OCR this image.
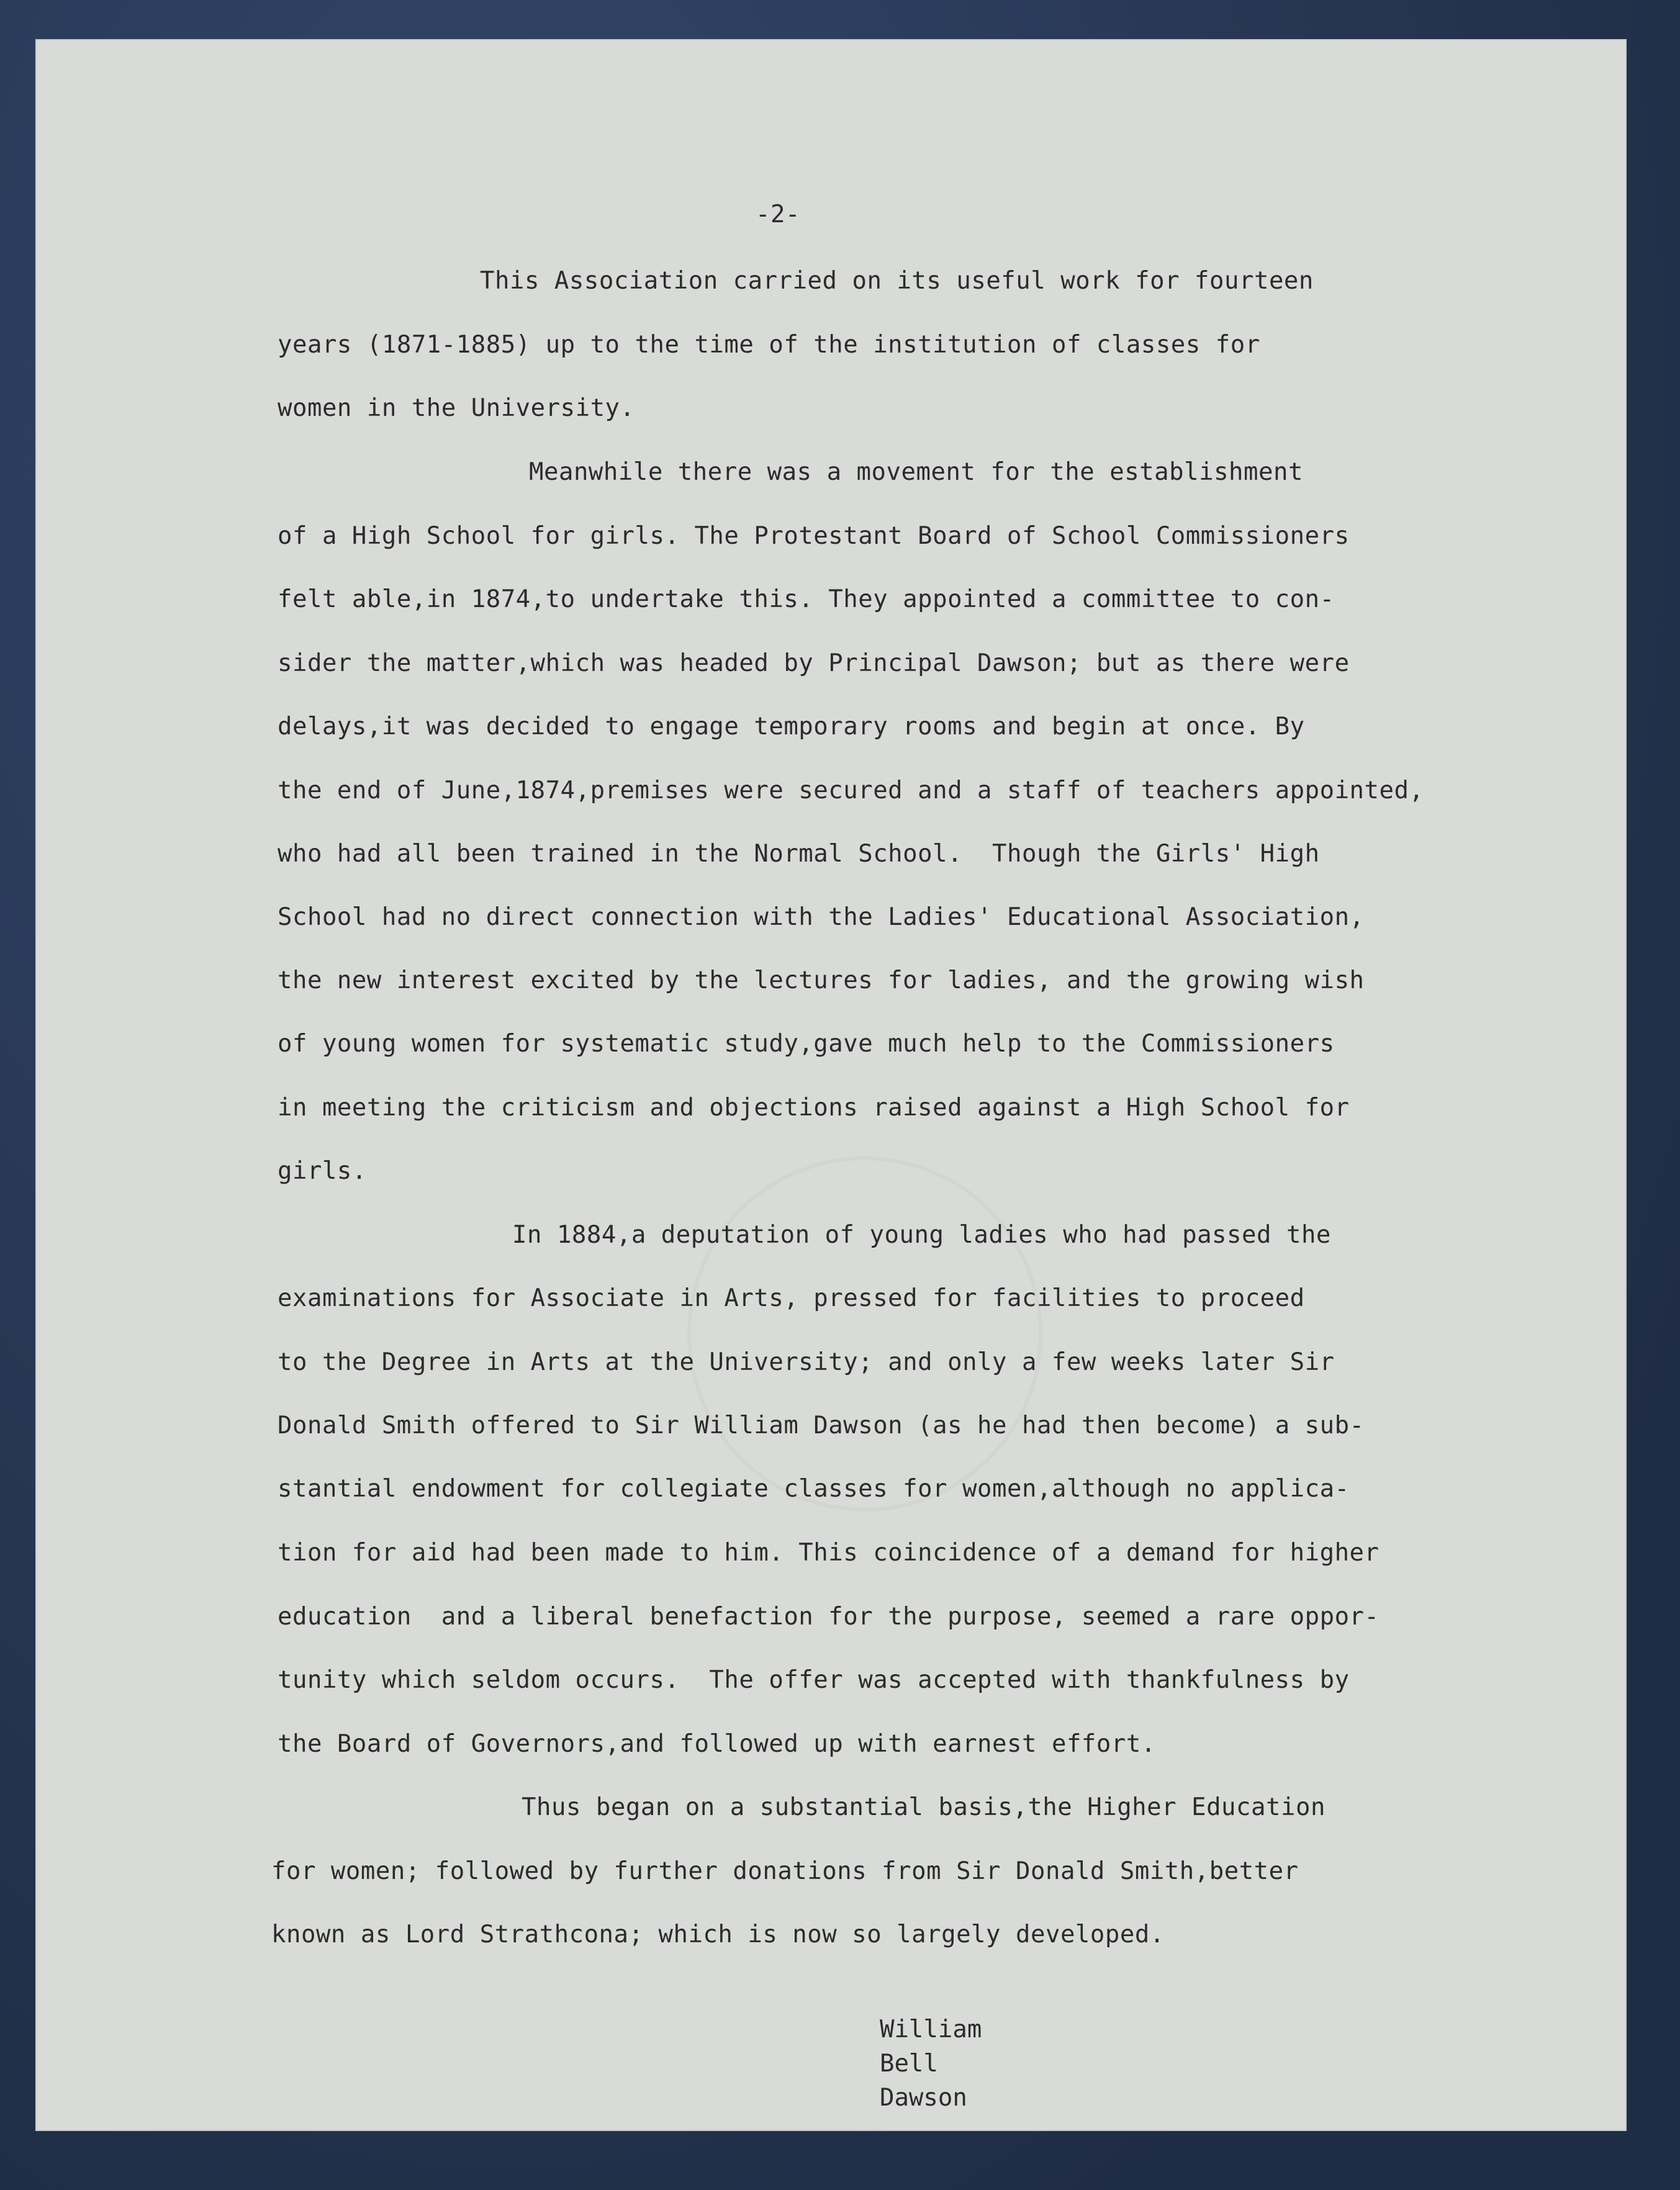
-2-
This Association carried on its useful work for fourteen
years (1871-1885) up to the time of the institution of classes for
women in the University.
Meanwhile there was a movement for the establishment
of a High School for girls. The Protestant Board of School Commissioners
felt able,in 1874,to undertake this. They appointed a committee to con-
sider the matter,which was headed by Principal Dawson; but as there were
delays,it was decided to engage temporary rooms and begin at once. By
the end of June,1874,premises were secured and a staff of teachers appointed,
who had all been trained in the Normal School.  Though the Girls' High
School had no direct connection with the Ladies' Educational Association,
the new interest excited by the lectures for ladies, and the growing wish
of young women for systematic study,gave much help to the Commissioners
in meeting the criticism and objections raised against a High School for
girls.
In 1884,a deputation of young ladies who had passed the
examinations for Associate in Arts, pressed for facilities to proceed
to the Degree in Arts at the University; and only a few weeks later Sir
Donald Smith offered to Sir William Dawson (as he had then become) a sub-
stantial endowment for collegiate classes for women,although no applica-
tion for aid had been made to him. This coincidence of a demand for higher
education  and a liberal benefaction for the purpose, seemed a rare oppor-
tunity which seldom occurs.  The offer was accepted with thankfulness by
the Board of Governors,and followed up with earnest effort.
Thus began on a substantial basis,the Higher Education
for women; followed by further donations from Sir Donald Smith,better
known as Lord Strathcona; which is now so largely developed.

William
Bell
Dawson
